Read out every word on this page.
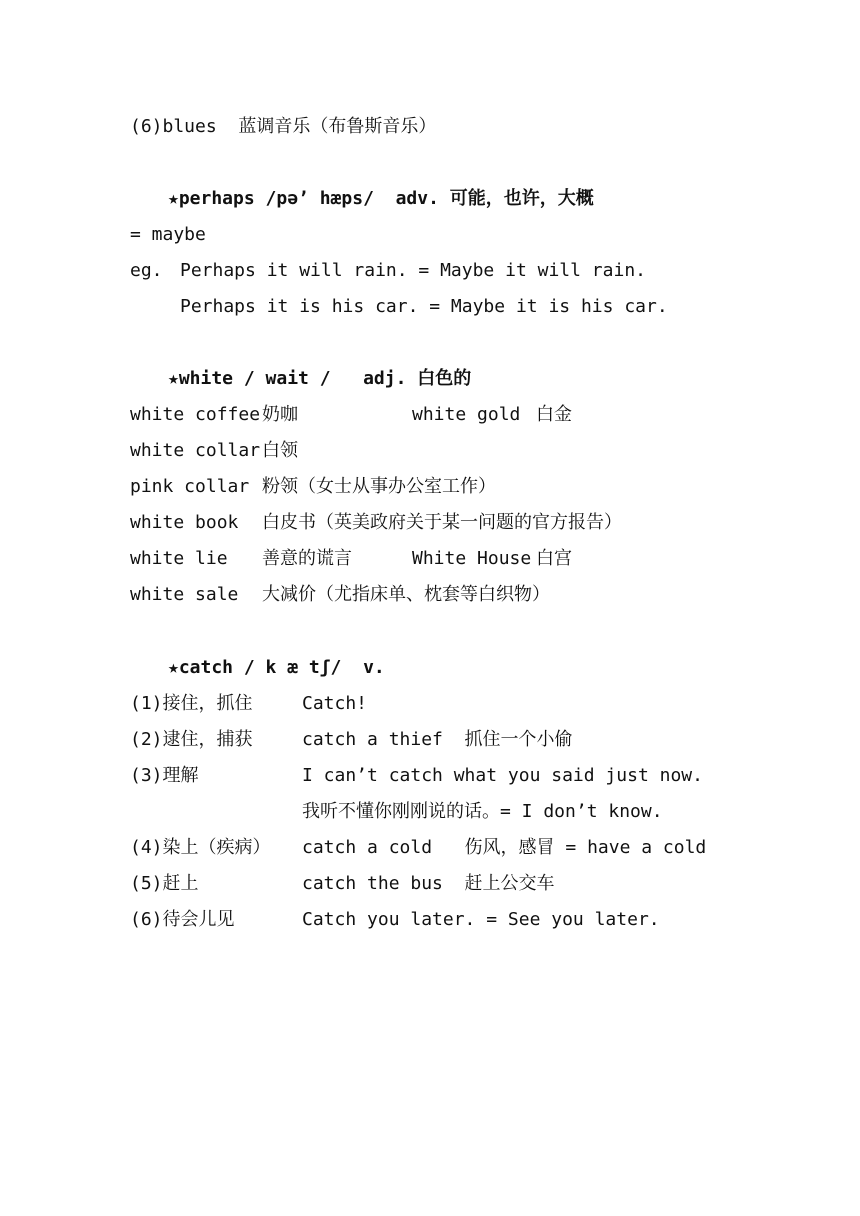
(6)blues  蓝调音乐（布鲁斯音乐）
★perhaps /pə’ hæps/  adv. 可能，也许，大概
= maybe
eg. Perhaps it will rain. = Maybe it will rain.
Perhaps it is his car. = Maybe it is his car.
★white / wait /   adj. 白色的
white coffee 奶咖	white gold 白金
white collar 白领
pink collar 粉领（女士从事办公室工作）
white book 白皮书（英美政府关于某一问题的官方报告）
white lie 善意的谎言	White House 白宫
white sale 大减价（尤指床单、枕套等白织物）
★catch / k æ tʃ/  v.
(1)接住，抓住	Catch!
(2)逮住，捕获	catch a thief  抓住一个小偷
(3)理解	I can’t catch what you said just now.
我听不懂你刚刚说的话。= I don’t know.
(4)染上（疾病） catch a cold   伤风，感冒 = have a cold
(5)赶上	catch the bus  赶上公交车
(6)待会儿见	Catch you later. = See you later.
